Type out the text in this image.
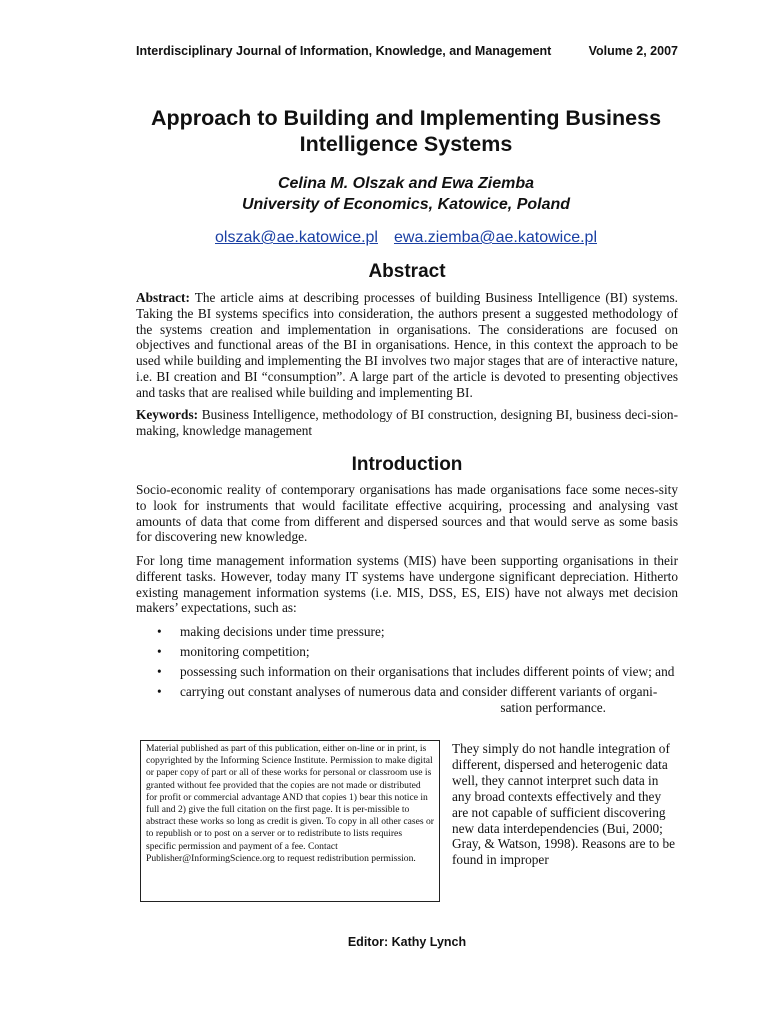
Interdisciplinary Journal of Information, Knowledge, and Management	Volume 2, 2007
Approach to Building and Implementing Business Intelligence Systems
Celina M. Olszak and Ewa Ziemba
University of Economics, Katowice, Poland
olszak@ae.katowice.pl ewa.ziemba@ae.katowice.pl
Abstract

Abstract: The article aims at describing processes of building Business Intelligence (BI) systems. Taking the BI systems specifics into consideration, the authors present a suggested methodology of the systems creation and implementation in organisations. The considerations are focused on objectives and functional areas of the BI in organisations. Hence, in this context the approach to be used while building and implementing the BI involves two major stages that are of interactive nature, i.e. BI creation and BI “consumption”. A large part of the article is devoted to presenting objectives and tasks that are realised while building and implementing BI.

Keywords: Business Intelligence, methodology of BI construction, designing BI, business deci-sion-making, knowledge management

Introduction

Socio-economic reality of contemporary organisations has made organisations face some neces-sity to look for instruments that would facilitate effective acquiring, processing and analysing vast amounts of data that come from different and dispersed sources and that would serve as some basis for discovering new knowledge.

For long time management information systems (MIS) have been supporting organisations in their different tasks. However, today many IT systems have undergone significant depreciation. Hitherto existing management information systems (i.e. MIS, DSS, ES, EIS) have not always met decision makers’ expectations, such as:

• making decisions under time pressure;
• monitoring competition;
• possessing such information on their organisations that includes different points of view; and
• carrying out constant analyses of numerous data and consider different variants of organi-
sation performance.
Material published as part of this publication, either on-line or in print, is copyrighted by the Informing Science Institute. Permission to make digital or paper copy of part or all of these works for personal or classroom use is granted without fee provided that the copies are not made or distributed for profit or commercial advantage AND that copies 1) bear this notice in full and 2) give the full citation on the first page. It is per-missible to abstract these works so long as credit is given. To copy in all other cases or to republish or to post on a server or to redistribute to lists requires specific permission and payment of a fee. Contact Publisher@InformingScience.org to request redistribution permission.

They simply do not handle integration of different, dispersed and heterogenic data well, they cannot interpret such data in any broad contexts effectively and they are not capable of sufficient discovering new data interdependencies (Bui, 2000; Gray, & Watson, 1998). Reasons are to be found in improper

Editor: Kathy Lynch
